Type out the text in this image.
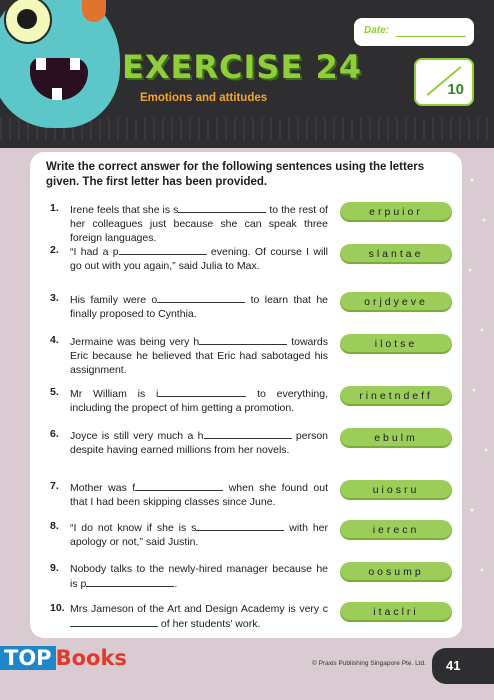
EXERCISE 24
Emotions and attitudes
Date:
10
Write the correct answer for the following sentences using the letters given. The first letter has been provided.
1. Irene feels that she is s	to the rest of her colleagues just because she can speak three foreign languages.
erpuior
2. “I had a p	evening. Of course I will go out with you again,” said Julia to Max.
slantae
3. His family were o	to learn that he finally proposed to Cynthia.
orjdyeve
4. Jermaine was being very h	towards Eric because he believed that Eric had sabotaged his assignment.
ilotse
5. Mr William is i	to everything, including the propect of him getting a promotion.
rinetndeff
6. Joyce is still very much a h	person despite having earned millions from her novels.
ebulm
7. Mother was f	when she found out that I had been skipping classes since June.
uiosru
8. “I do not know if she is s	with her apology or not,” said Justin.
ierecn
9. Nobody talks to the newly-hired manager because he is p	.
oosump
10. Mrs Jameson of the Art and Design Academy is very c of her students' work.
itaclri
TOP Books	© Praxis Publishing Singapore Pte. Ltd. 41
